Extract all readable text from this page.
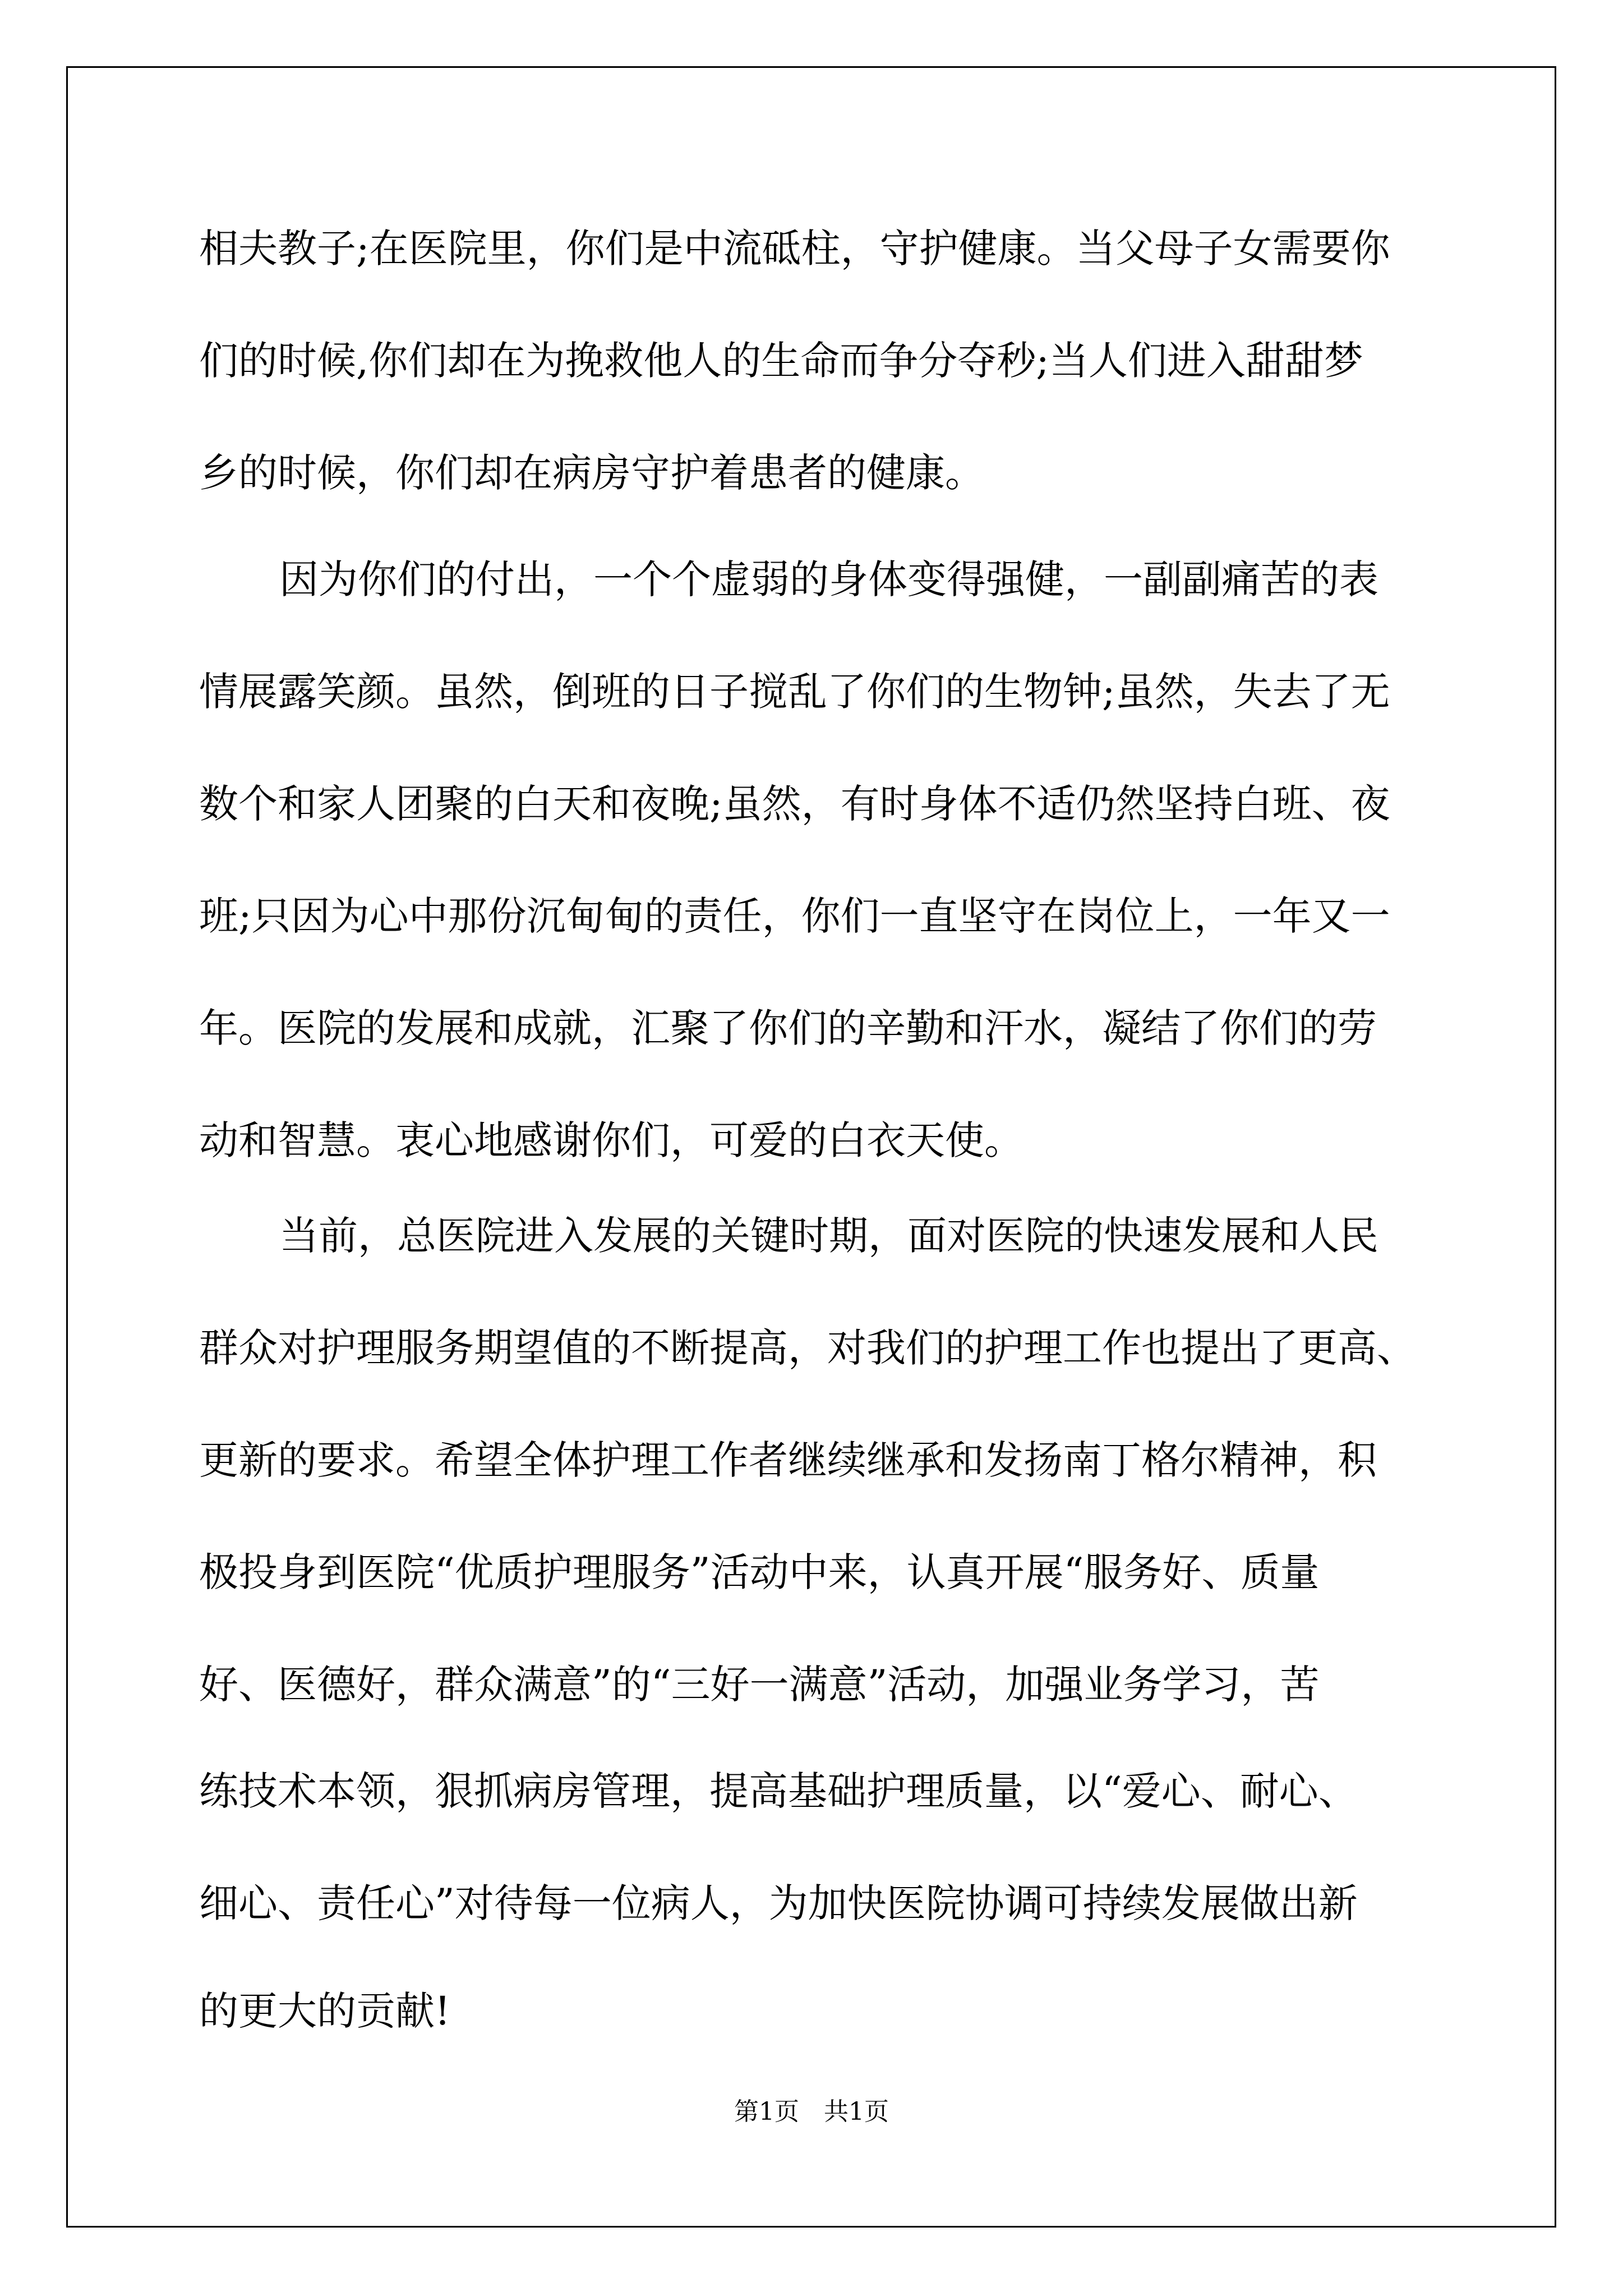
相夫教子;在医院里，你们是中流砥柱，守护健康。当父母子女需要你

们的时候,你们却在为挽救他人的生命而争分夺秒;当人们进入甜甜梦

乡的时候，你们却在病房守护着患者的健康。

因为你们的付出，一个个虚弱的身体变得强健，一副副痛苦的表

情展露笑颜。虽然，倒班的日子搅乱了你们的生物钟;虽然，失去了无

数个和家人团聚的白天和夜晚;虽然，有时身体不适仍然坚持白班、夜

班;只因为心中那份沉甸甸的责任，你们一直坚守在岗位上，一年又一

年。医院的发展和成就，汇聚了你们的辛勤和汗水，凝结了你们的劳

动和智慧。衷心地感谢你们，可爱的白衣天使。

当前，总医院进入发展的关键时期，面对医院的快速发展和人民

群众对护理服务期望值的不断提高，对我们的护理工作也提出了更高、

更新的要求。希望全体护理工作者继续继承和发扬南丁格尔精神，积

极投身到医院“优质护理服务”活动中来，认真开展“服务好、质量

好、医德好，群众满意”的“三好一满意”活动，加强业务学习，苦

练技术本领，狠抓病房管理，提高基础护理质量，以“爱心、耐心、

细心、责任心”对待每一位病人，为加快医院协调可持续发展做出新

的更大的贡献!

第1页　共1页
